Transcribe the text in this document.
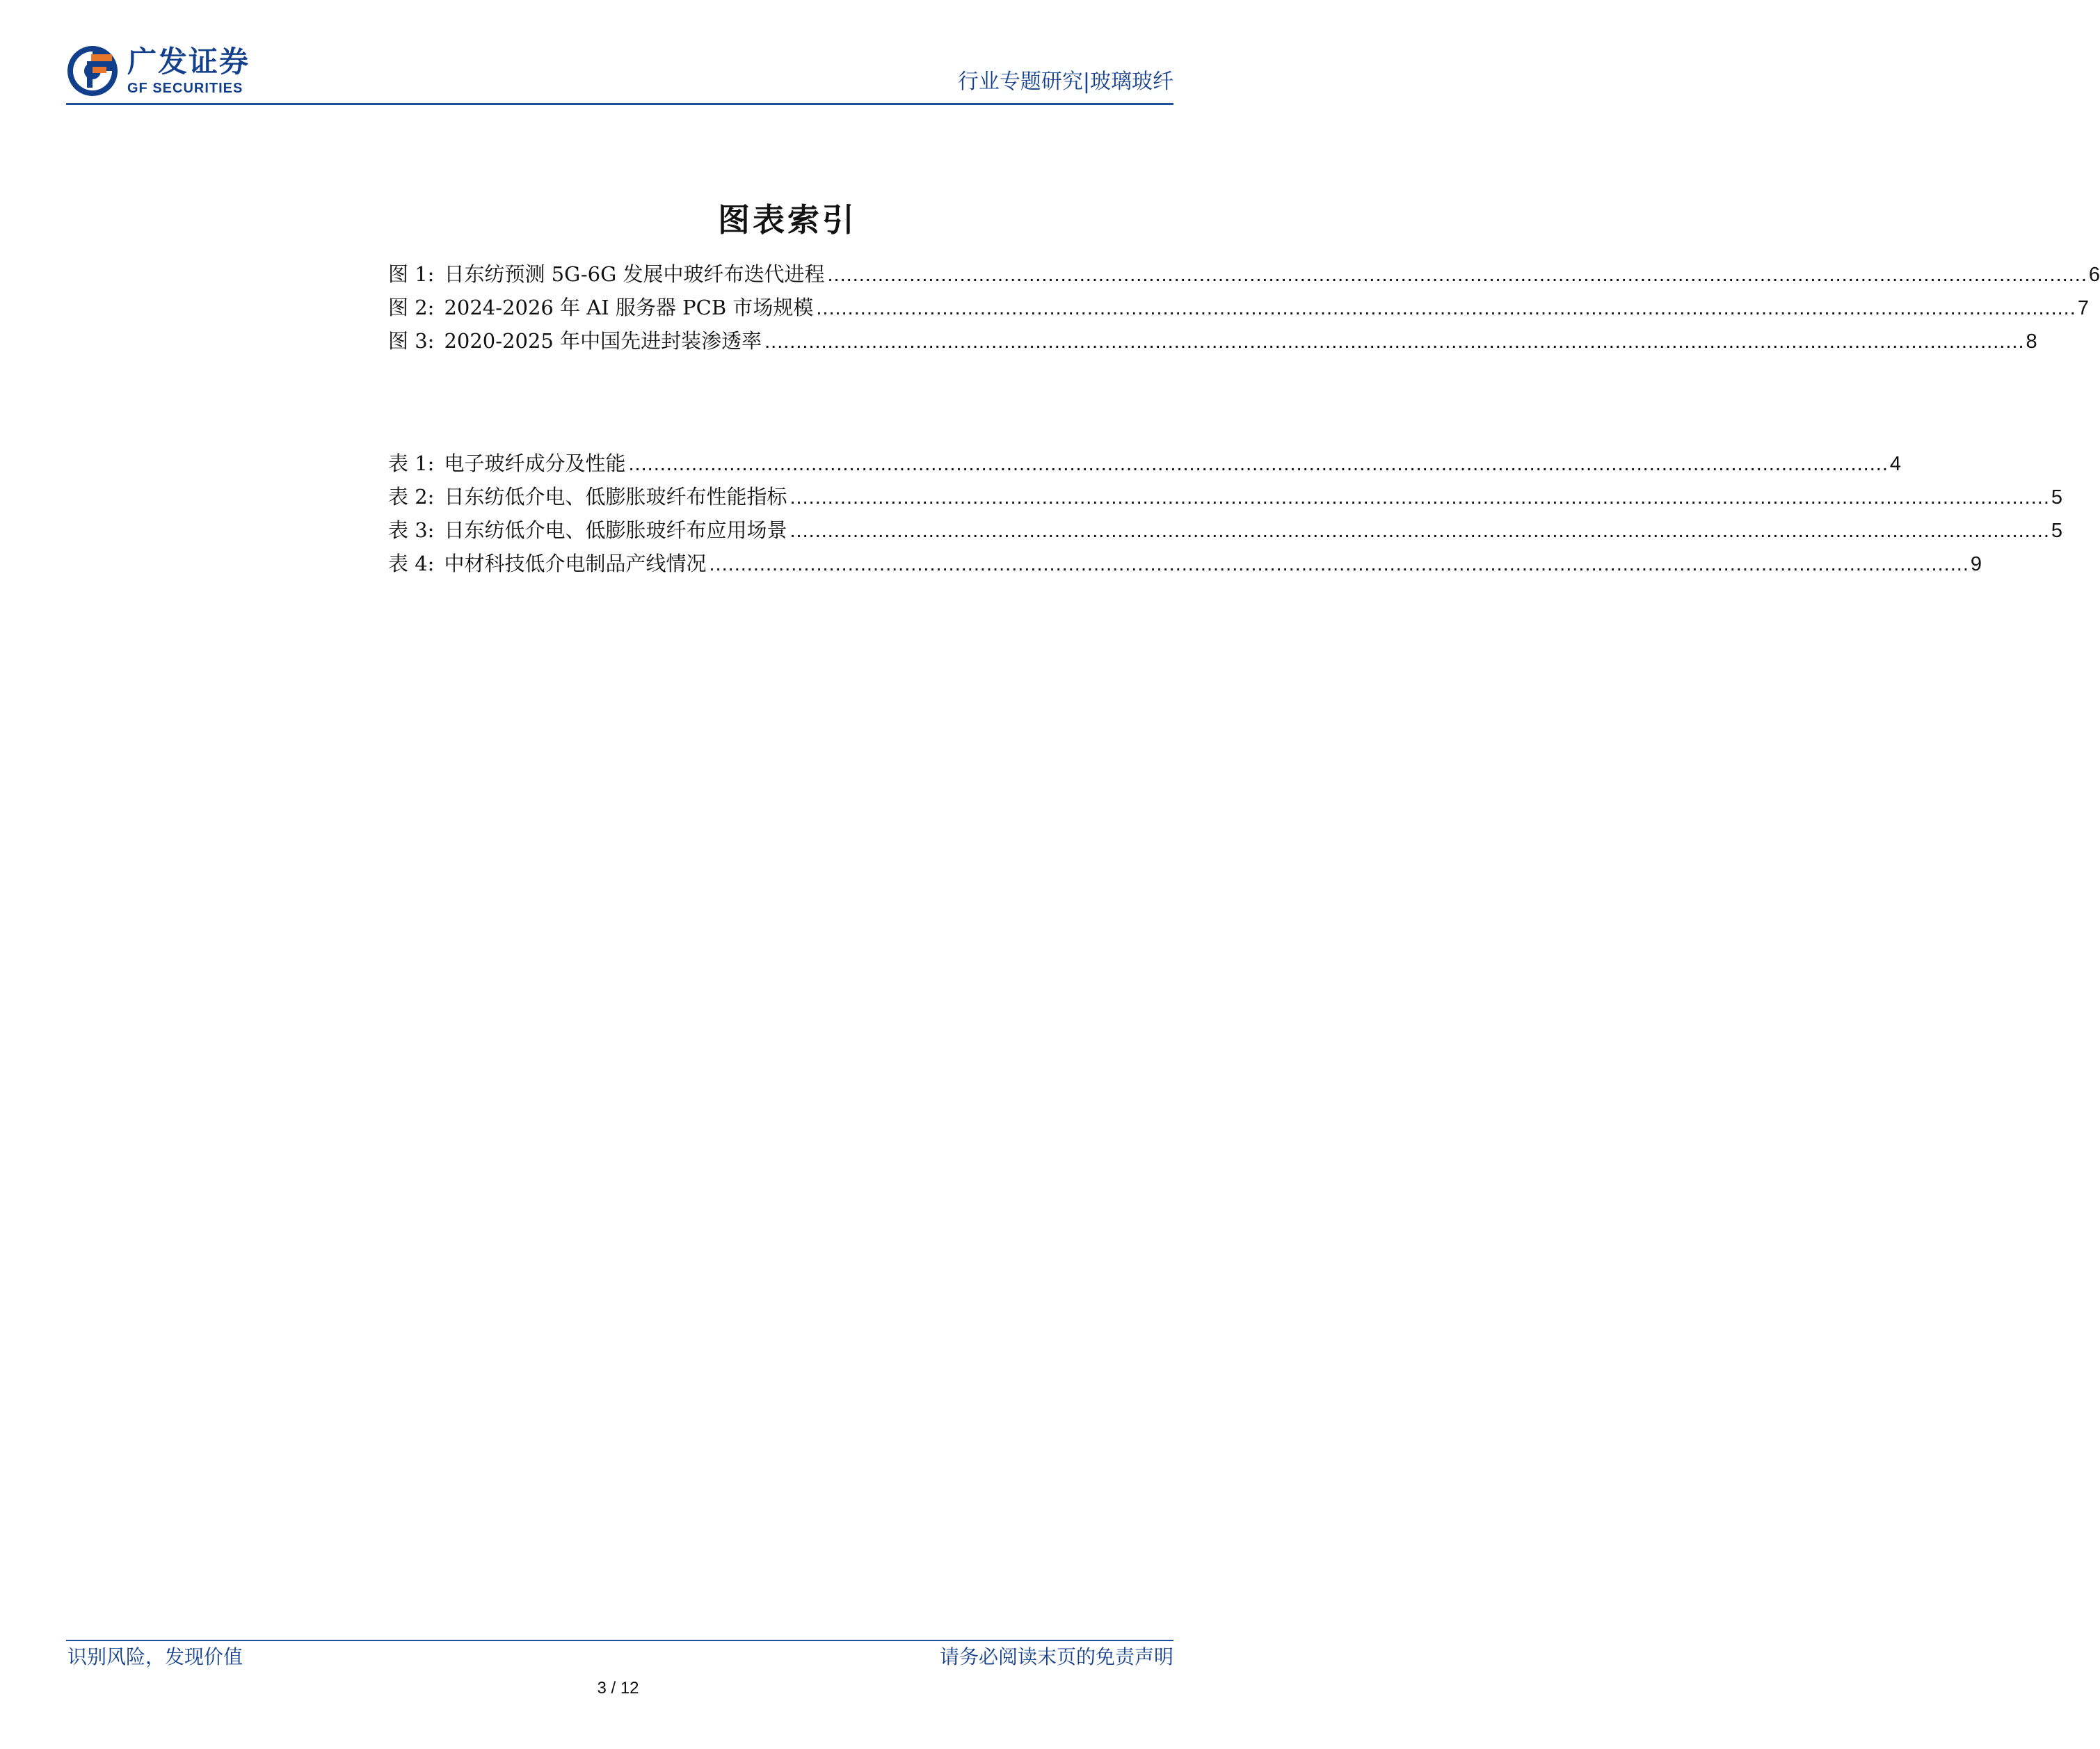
广发证券
GF SECURITIES	行业专题研究|玻璃玻纤
图表索引
图 1: 日东纺预测 5G-6G 发展中玻纤布迭代进程 ........................................................................................................................................................................................................ 6
图 2: 2024-2026 年 AI 服务器 PCB 市场规模 ........................................................................................................................................................................................................ 7
图 3: 2020-2025 年中国先进封装渗透率 ........................................................................................................................................................................................................ 8
表 1: 电子玻纤成分及性能 ........................................................................................................................................................................................................ 4
表 2: 日东纺低介电、低膨胀玻纤布性能指标 ........................................................................................................................................................................................................ 5
表 3: 日东纺低介电、低膨胀玻纤布应用场景 ........................................................................................................................................................................................................ 5
表 4: 中材科技低介电制品产线情况 ........................................................................................................................................................................................................ 9
识别风险，发现价值	请务必阅读末页的免责声明
3 / 12
